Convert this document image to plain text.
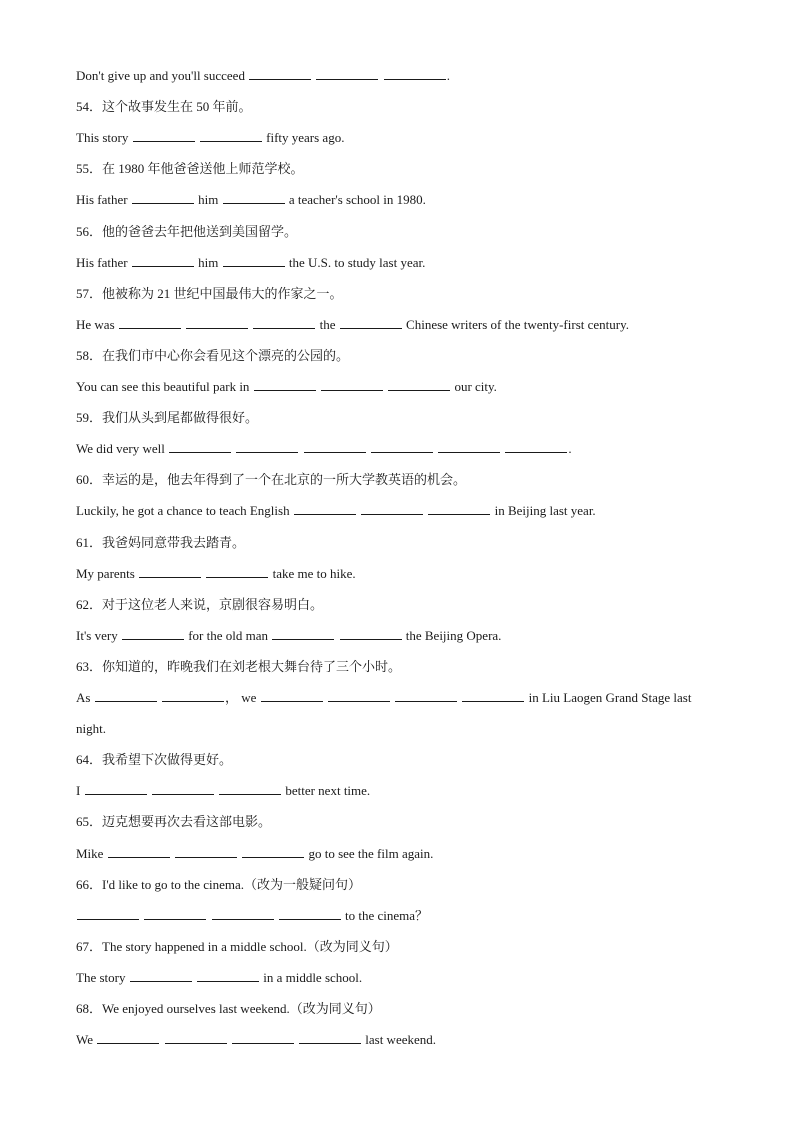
Don't give up and you'll succeed	.
54．这个故事发生在 50 年前。
This story	fifty years ago.
55．在 1980 年他爸爸送他上师范学校。
His father	him	a teacher's school in 1980.
56．他的爸爸去年把他送到美国留学。
His father	him	the U.S. to study last year.
57．他被称为 21 世纪中国最伟大的作家之一。
He was	the	Chinese writers of the twenty-first century.
58．在我们市中心你会看见这个漂亮的公园的。
You can see this beautiful park in	our city.
59．我们从头到尾都做得很好。
We did very well	.
60．幸运的是，他去年得到了一个在北京的一所大学教英语的机会。
Luckily, he got a chance to teach English	in Beijing last year.
61．我爸妈同意带我去踏青。
My parents	take me to hike.
62．对于这位老人来说，京剧很容易明白。
It's very	for the old man	the Beijing Opera.
63．你知道的，昨晚我们在刘老根大舞台待了三个小时。
As	， we	in Liu Laogen Grand Stage last
night.
64．我希望下次做得更好。
I	better next time.
65．迈克想要再次去看这部电影。
Mike	go to see the film again.
66．I'd like to go to the cinema.（改为一般疑问句）
to the cinema？
67．The story happened in a middle school.（改为同义句）
The story	in a middle school.
68．We enjoyed ourselves last weekend.（改为同义句）
We	last weekend.
